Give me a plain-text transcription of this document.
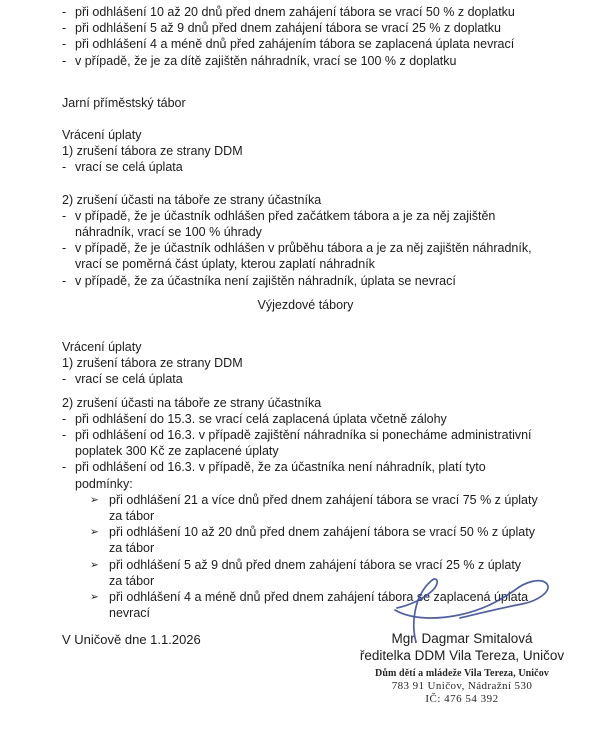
- při odhlášení 10 až 20 dnů před dnem zahájení tábora se vrací 50 % z doplatku
- při odhlášení 5 až 9 dnů před dnem zahájení tábora se vrací 25 % z doplatku
- při odhlášení 4 a méně dnů před zahájením tábora se zaplacená úplata nevrací
- v případě, že je za dítě zajištěn náhradník, vrací se 100 % z doplatku
Jarní příměstský tábor
Vrácení úplaty
1) zrušení tábora ze strany DDM
- vrací se celá úplata
2) zrušení účasti na táboře ze strany účastníka
- v případě, že je účastník odhlášen před začátkem tábora a je za něj zajištěn náhradník, vrací se 100 % úhrady
- v případě, že je účastník odhlášen v průběhu tábora a je za něj zajištěn náhradník, vrací se poměrná část úplaty, kterou zaplatí náhradník
- v případě, že za účastníka není zajištěn náhradník, úplata se nevrací
Výjezdové tábory
Vrácení úplaty
1) zrušení tábora ze strany DDM
- vrací se celá úplata
2) zrušení účasti na táboře ze strany účastníka
- při odhlášení do 15.3. se vrací celá zaplacená úplata včetně zálohy
- při odhlášení od 16.3. v případě zajištění náhradníka si ponecháme administrativní poplatek 300 Kč ze zaplacené úplaty
- při odhlášení od 16.3. v případě, že za účastníka není náhradník, platí tyto podmínky:
➢ při odhlášení 21 a více dnů před dnem zahájení tábora se vrací 75 % z úplaty
za tábor
➢ při odhlášení 10 až 20 dnů před dnem zahájení tábora se vrací 50 % z úplaty
za tábor
➢ při odhlášení 5 až 9 dnů před dnem zahájení tábora se vrací 25 % z úplaty
za tábor
➢ při odhlášení 4 a méně dnů před dnem zahájení tábora se zaplacená úplata
nevrací
V Uničově dne 1.1.2026	Mgr. Dagmar Smitalová
ředitelka DDM Vila Tereza, Uničov
Dům dětí a mládeže Vila Tereza, Uničov
783 91 Uničov, Nádražní 530
IČ: 476 54 392
